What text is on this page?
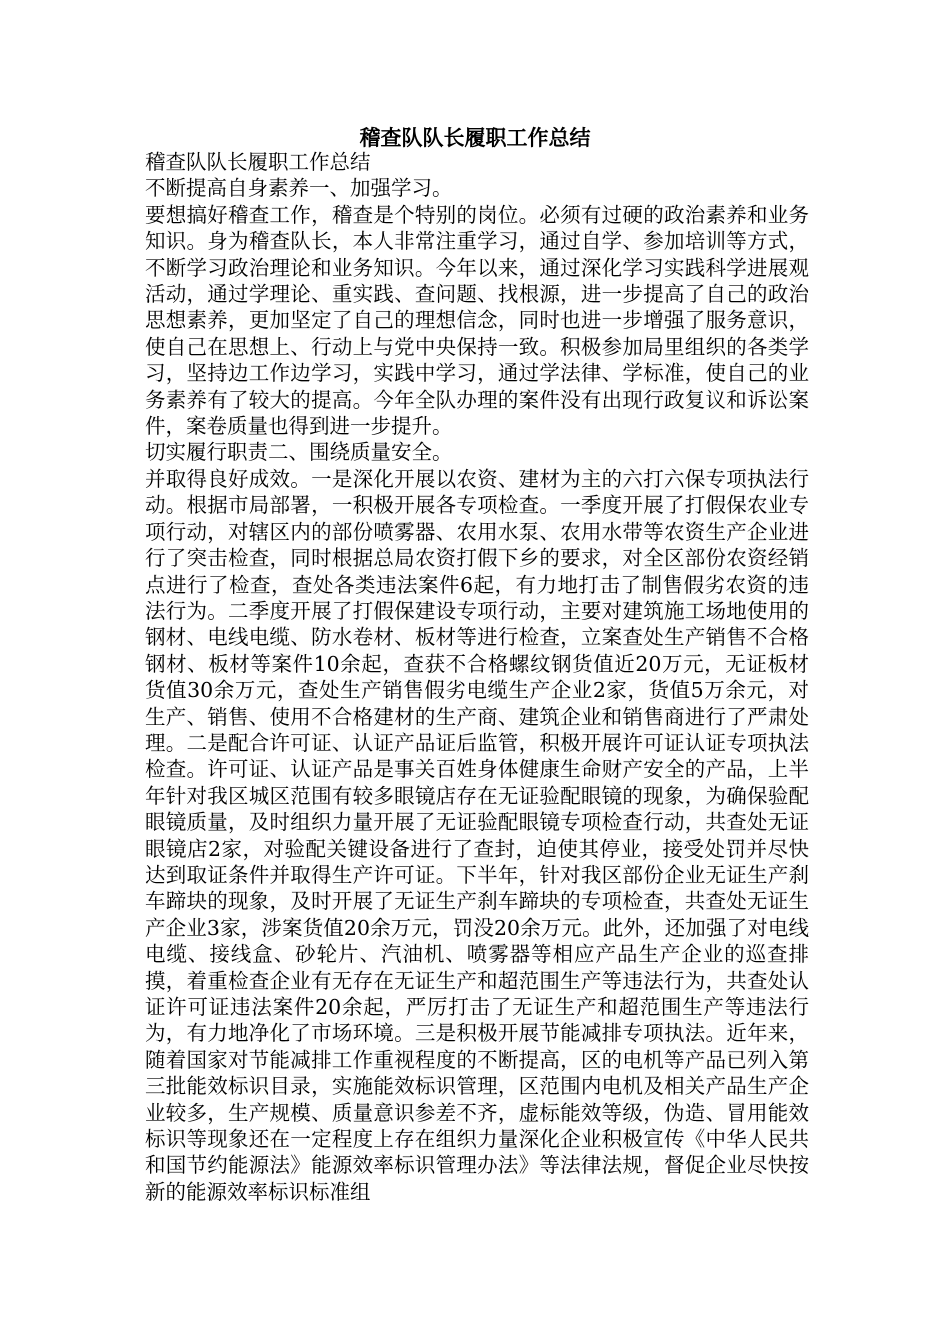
稽查队队长履职工作总结

稽查队队长履职工作总结

不断提高自身素养一、加强学习。

要想搞好稽查工作，稽查是个特别的岗位。必须有过硬的政治素养和业务知识。身为稽查队长，本人非常注重学习，通过自学、参加培训等方式，不断学习政治理论和业务知识。今年以来，通过深化学习实践科学进展观活动，通过学理论、重实践、查问题、找根源，进一步提高了自己的政治思想素养，更加坚定了自己的理想信念，同时也进一步增强了服务意识，使自己在思想上、行动上与党中央保持一致。积极参加局里组织的各类学习，坚持边工作边学习，实践中学习，通过学法律、学标准，使自己的业务素养有了较大的提高。今年全队办理的案件没有出现行政复议和诉讼案件，案卷质量也得到进一步提升。

切实履行职责二、围绕质量安全。

并取得良好成效。一是深化开展以农资、建材为主的六打六保专项执法行动。根据市局部署，一积极开展各专项检查。一季度开展了打假保农业专项行动，对辖区内的部份喷雾器、农用水泵、农用水带等农资生产企业进行了突击检查，同时根据总局农资打假下乡的要求，对全区部份农资经销点进行了检查，查处各类违法案件6起，有力地打击了制售假劣农资的违法行为。二季度开展了打假保建设专项行动，主要对建筑施工场地使用的钢材、电线电缆、防水卷材、板材等进行检查，立案查处生产销售不合格钢材、板材等案件10余起，查获不合格螺纹钢货值近20万元，无证板材货值30余万元，查处生产销售假劣电缆生产企业2家，货值5万余元，对生产、销售、使用不合格建材的生产商、建筑企业和销售商进行了严肃处理。二是配合许可证、认证产品证后监管，积极开展许可证认证专项执法检查。许可证、认证产品是事关百姓身体健康生命财产安全的产品，上半年针对我区城区范围有较多眼镜店存在无证验配眼镜的现象，为确保验配眼镜质量，及时组织力量开展了无证验配眼镜专项检查行动，共查处无证眼镜店2家，对验配关键设备进行了查封，迫使其停业，接受处罚并尽快达到取证条件并取得生产许可证。下半年，针对我区部份企业无证生产刹车蹄块的现象，及时开展了无证生产刹车蹄块的专项检查，共查处无证生产企业3家，涉案货值20余万元，罚没20余万元。此外，还加强了对电线电缆、接线盒、砂轮片、汽油机、喷雾器等相应产品生产企业的巡查排摸，着重检查企业有无存在无证生产和超范围生产等违法行为，共查处认证许可证违法案件20余起，严厉打击了无证生产和超范围生产等违法行为，有力地净化了市场环境。三是积极开展节能减排专项执法。近年来，随着国家对节能减排工作重视程度的不断提高，区的电机等产品已列入第三批能效标识目录，实施能效标识管理，区范围内电机及相关产品生产企业较多，生产规模、质量意识参差不齐，虚标能效等级，伪造、冒用能效标识等现象还在一定程度上存在组织力量深化企业积极宣传《中华人民共和国节约能源法》能源效率标识管理办法》等法律法规，督促企业尽快按新的能源效率标识标准组
